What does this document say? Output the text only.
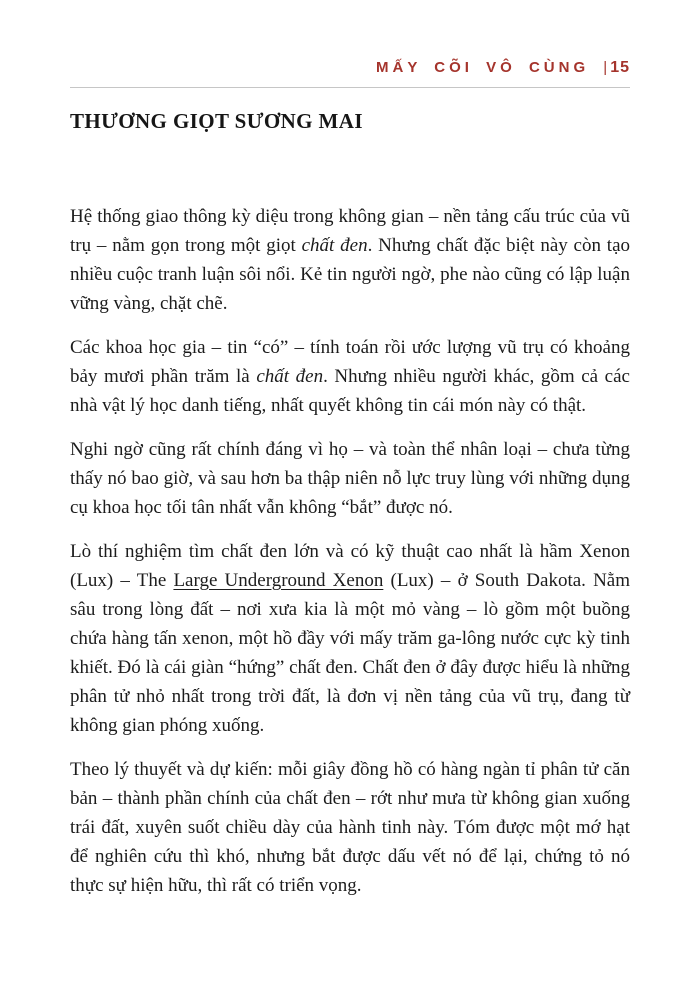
MẤY CÕI VÔ CÙNG |15
THƯƠNG GIỌT SƯƠNG MAI

Hệ thống giao thông kỳ diệu trong không gian – nền tảng cấu trúc của vũ trụ – nằm gọn trong một giọt chất đen. Nhưng chất đặc biệt này còn tạo nhiều cuộc tranh luận sôi nổi. Kẻ tin người ngờ, phe nào cũng có lập luận vững vàng, chặt chẽ.

Các khoa học gia – tin “có” – tính toán rồi ước lượng vũ trụ có khoảng bảy mươi phần trăm là chất đen. Nhưng nhiều người khác, gồm cả các nhà vật lý học danh tiếng, nhất quyết không tin cái món này có thật.

Nghi ngờ cũng rất chính đáng vì họ – và toàn thể nhân loại – chưa từng thấy nó bao giờ, và sau hơn ba thập niên nỗ lực truy lùng với những dụng cụ khoa học tối tân nhất vẫn không “bắt” được nó.

Lò thí nghiệm tìm chất đen lớn và có kỹ thuật cao nhất là hầm Xenon (Lux) – The Large Underground Xenon (Lux) – ở South Dakota. Nằm sâu trong lòng đất – nơi xưa kia là một mỏ vàng – lò gồm một buồng chứa hàng tấn xenon, một hồ đầy với mấy trăm ga-lông nước cực kỳ tinh khiết. Đó là cái giàn “hứng” chất đen. Chất đen ở đây được hiểu là những phân tử nhỏ nhất trong trời đất, là đơn vị nền tảng của vũ trụ, đang từ không gian phóng xuống.

Theo lý thuyết và dự kiến: mỗi giây đồng hồ có hàng ngàn tỉ phân tử căn bản – thành phần chính của chất đen – rớt như mưa từ không gian xuống trái đất, xuyên suốt chiều dày của hành tinh này. Tóm được một mớ hạt để nghiên cứu thì khó, nhưng bắt được dấu vết nó để lại, chứng tỏ nó thực sự hiện hữu, thì rất có triển vọng.
